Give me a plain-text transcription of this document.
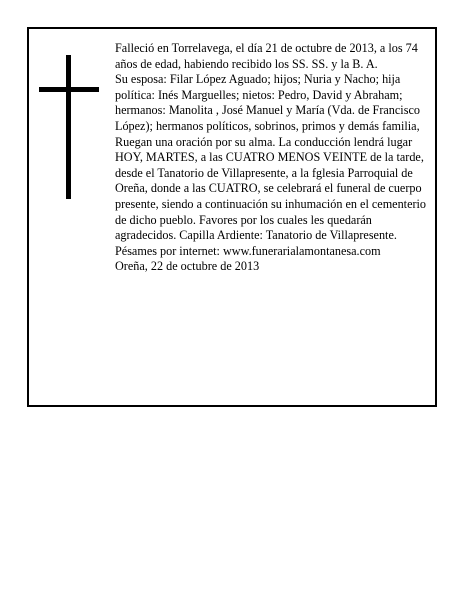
Falleció en Torrelavega, el día 21 de octubre de 2013, a los 74 años de edad, habiendo recibido los SS. SS. y la B. A.

Su esposa: Filar López Aguado; hijos; Nuria y Nacho; hija política: Inés Marguelles; nietos: Pedro, David y Abraham; hermanos: Manolita , José Manuel y María (Vda. de Francisco López); hermanos políticos, sobrinos, primos y demás familia,

Ruegan una oración por su alma. La conducción lendrá lugar HOY, MARTES, a las CUATRO MENOS VEINTE de la tarde, desde el Tanatorio de Villapresente, a la fglesia Parroquial de Oreña, donde a las CUATRO, se celebrará el funeral de cuerpo presente, siendo a continuación su inhumación en el cementerio de dicho pueblo. Favores por los cuales les quedarán agradecidos. Capilla Ardiente: Tanatorio de Villapresente.

Pésames por internet: www.funerarialamontanesa.com

Oreña, 22 de octubre de 2013
